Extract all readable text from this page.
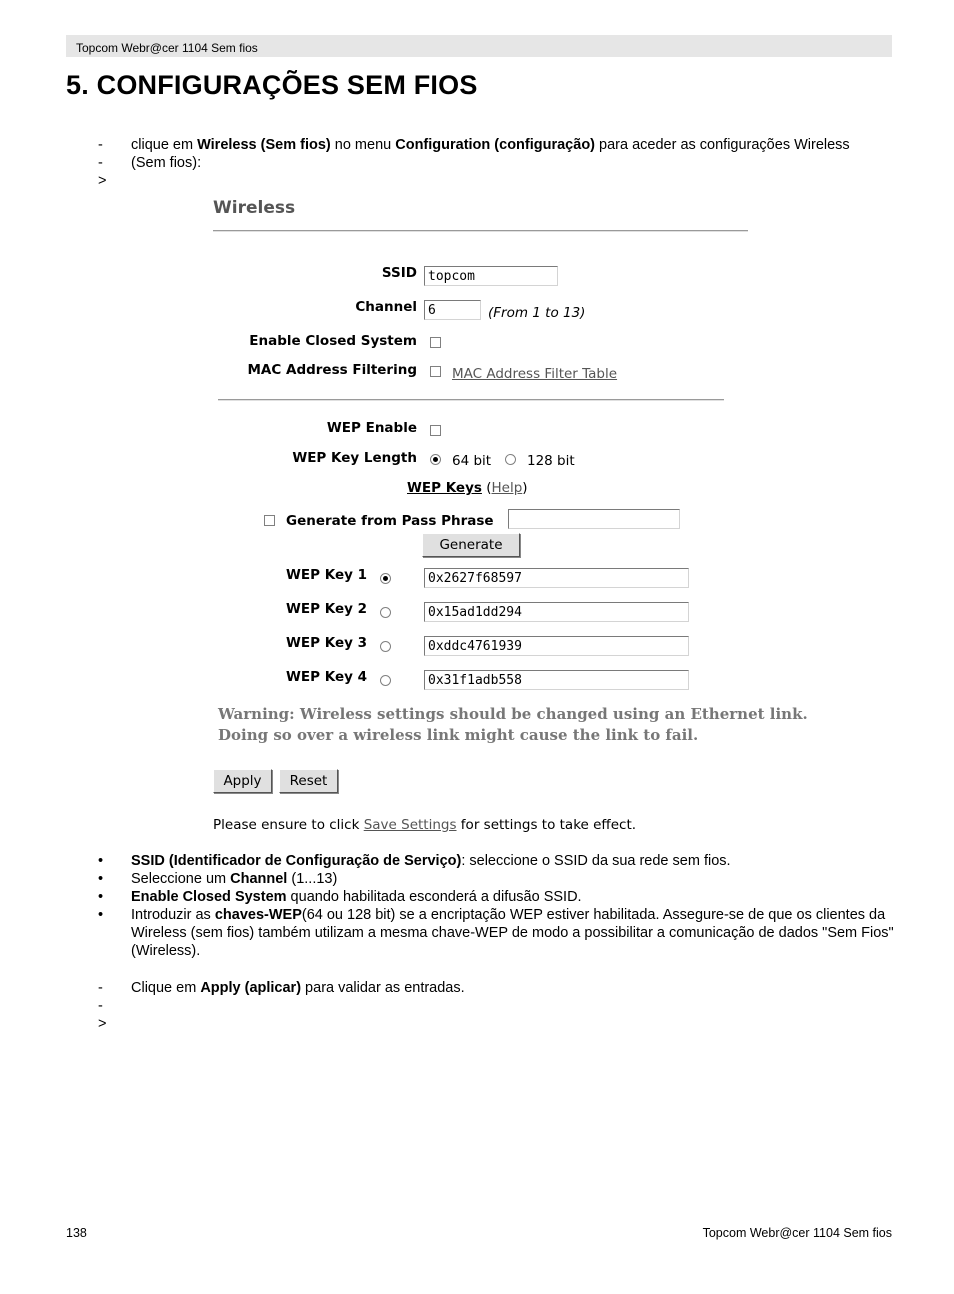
Topcom Webr@cer 1104 Sem fios
5. CONFIGURAÇÕES SEM FIOS
-->
clique em Wireless (Sem fios) no menu Configuration (configuração) para aceder as configurações Wireless (Sem fios):
Wireless
SSID topcom
Channel 6	(From 1 to 13)
Enable Closed System
MAC Address Filtering	MAC Address Filter Table
WEP Enable
WEP Key Length	64 bit	128 bit
WEP Keys (Help)
Generate from Pass Phrase
Generate
WEP Key 1	0x2627f68597
WEP Key 2	0x15ad1dd294
WEP Key 3	0xddc4761939
WEP Key 4	0x31f1adb558
Warning: Wireless settings should be changed using an Ethernet link.
Doing so over a wireless link might cause the link to fail.
Apply	Reset
Please ensure to click Save Settings for settings to take effect.
• SSID (Identificador de Configuração de Serviço): seleccione o SSID da sua rede sem fios.
• Seleccione um Channel (1...13)
• Enable Closed System quando habilitada esconderá a difusão SSID.
• Introduzir as chaves-WEP(64 ou 128 bit) se a encriptação WEP estiver habilitada. Assegure-se de que os clientes da Wireless (sem fios) também utilizam a mesma chave-WEP de modo a possibilitar a comunicação de dados "Sem Fios" (Wireless).
-->
Clique em Apply (aplicar) para validar as entradas.
138	Topcom Webr@cer 1104 Sem fios
